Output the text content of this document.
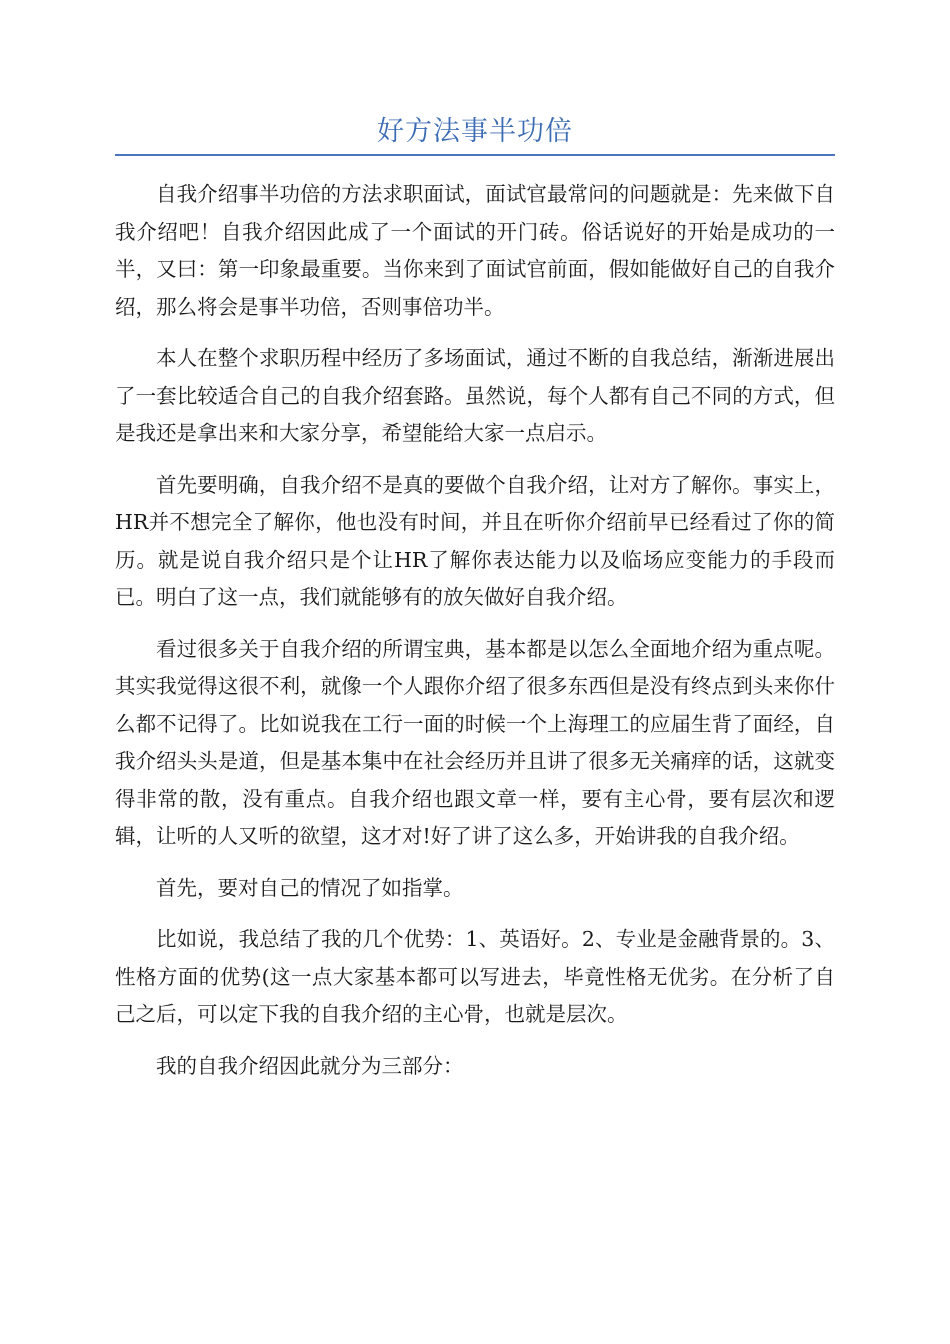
好方法事半功倍

自我介绍事半功倍的方法求职面试，面试官最常问的问题就是：先来做下自我介绍吧！自我介绍因此成了一个面试的开门砖。俗话说好的开始是成功的一半，又曰：第一印象最重要。当你来到了面试官前面，假如能做好自己的自我介绍，那么将会是事半功倍，否则事倍功半。

本人在整个求职历程中经历了多场面试，通过不断的自我总结，渐渐进展出了一套比较适合自己的自我介绍套路。虽然说，每个人都有自己不同的方式，但是我还是拿出来和大家分享，希望能给大家一点启示。

首先要明确，自我介绍不是真的要做个自我介绍，让对方了解你。事实上，HR并不想完全了解你，他也没有时间，并且在听你介绍前早已经看过了你的简历。就是说自我介绍只是个让HR了解你表达能力以及临场应变能力的手段而已。明白了这一点，我们就能够有的放矢做好自我介绍。

看过很多关于自我介绍的所谓宝典，基本都是以怎么全面地介绍为重点呢。其实我觉得这很不利，就像一个人跟你介绍了很多东西但是没有终点到头来你什么都不记得了。比如说我在工行一面的时候一个上海理工的应届生背了面经，自我介绍头头是道，但是基本集中在社会经历并且讲了很多无关痛痒的话，这就变得非常的散，没有重点。自我介绍也跟文章一样，要有主心骨，要有层次和逻辑，让听的人又听的欲望，这才对!好了讲了这么多，开始讲我的自我介绍。

首先，要对自己的情况了如指掌。

比如说，我总结了我的几个优势：1、英语好。2、专业是金融背景的。3、性格方面的优势(这一点大家基本都可以写进去，毕竟性格无优劣。在分析了自己之后，可以定下我的自我介绍的主心骨，也就是层次。

我的自我介绍因此就分为三部分：
